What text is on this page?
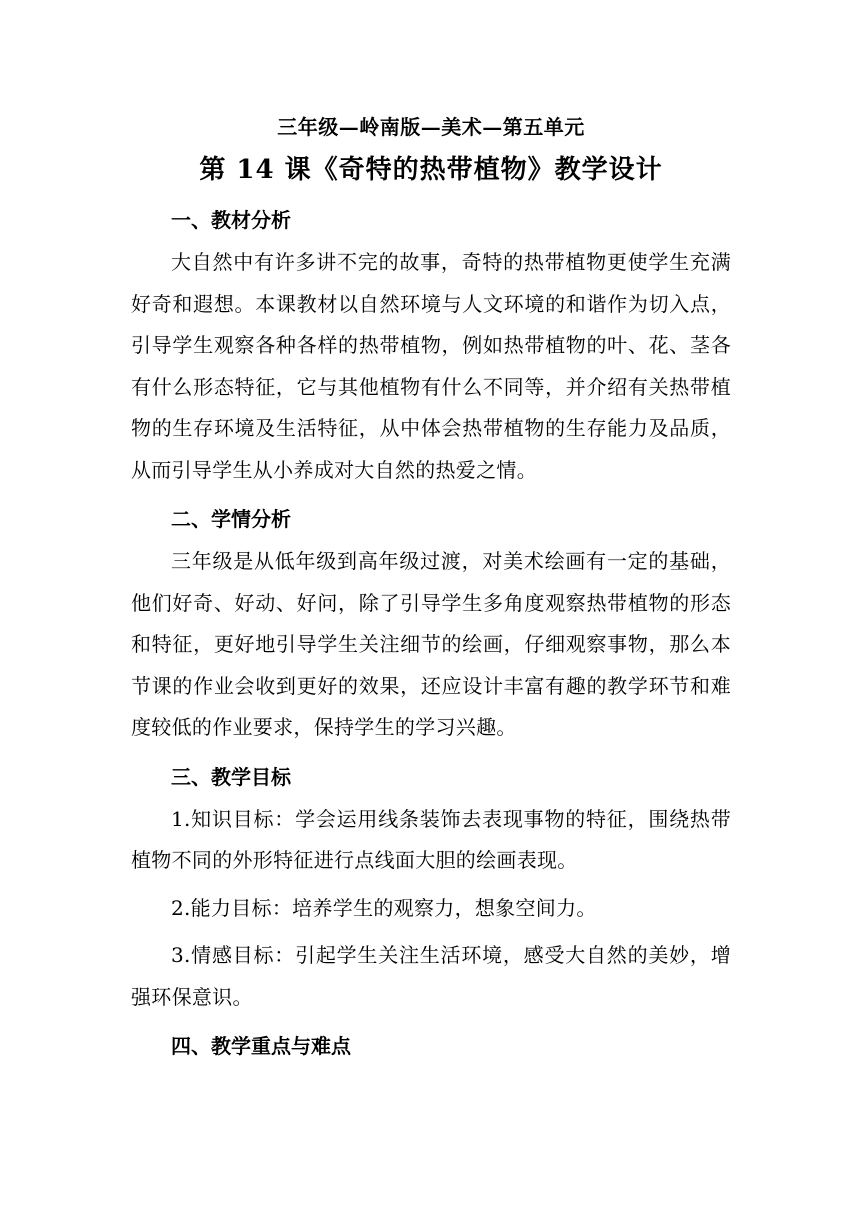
三年级—岭南版—美术—第五单元

第 14 课《奇特的热带植物》教学设计

一、教材分析

大自然中有许多讲不完的故事，奇特的热带植物更使学生充满好奇和遐想。本课教材以自然环境与人文环境的和谐作为切入点，引导学生观察各种各样的热带植物，例如热带植物的叶、花、茎各有什么形态特征，它与其他植物有什么不同等，并介绍有关热带植物的生存环境及生活特征，从中体会热带植物的生存能力及品质，从而引导学生从小养成对大自然的热爱之情。

二、学情分析

三年级是从低年级到高年级过渡，对美术绘画有一定的基础，他们好奇、好动、好问，除了引导学生多角度观察热带植物的形态和特征，更好地引导学生关注细节的绘画，仔细观察事物，那么本节课的作业会收到更好的效果，还应设计丰富有趣的教学环节和难度较低的作业要求，保持学生的学习兴趣。

三、教学目标

1.知识目标：学会运用线条装饰去表现事物的特征，围绕热带植物不同的外形特征进行点线面大胆的绘画表现。

2.能力目标：培养学生的观察力，想象空间力。

3.情感目标：引起学生关注生活环境，感受大自然的美妙，增强环保意识。

四、教学重点与难点
